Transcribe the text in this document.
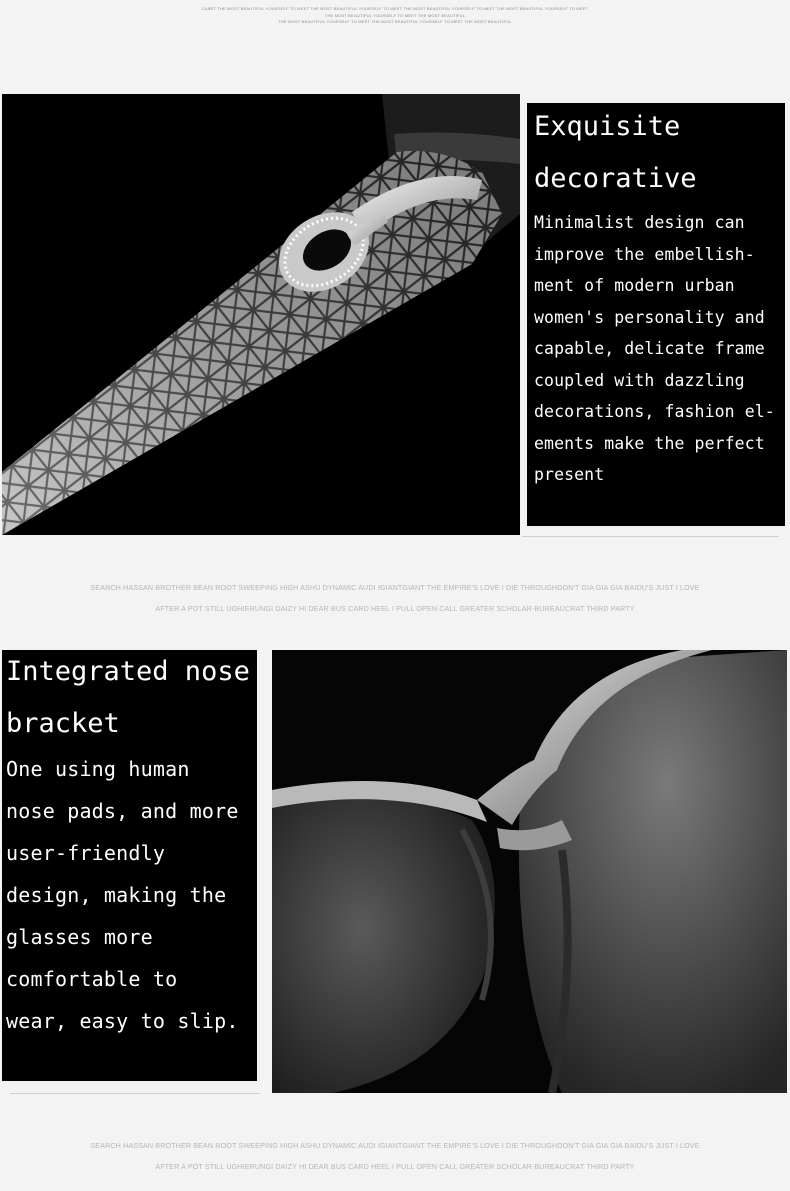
CABET THE MOST BEAUTIFUL YOURSELF TO MEET THE MOST BEAUTIFUL YOURSELF TO MEET THE MOST BEAUTIFUL YOURSELF TO MEET THE MOST BEAUTIFUL YOURSELF TO MEET
THE MOST BEAUTIFUL YOURSELF TO MEET THE MOST BEAUTIFUL
THE MOST BEAUTIFUL YOURSELF TO MEET THE MOST BEAUTIFUL YOURSELF TO MEET THE MOST BEAUTIFUL
Exquisite
decorative
Minimalist design can
improve the embellish-
ment of modern urban
women's personality and
capable, delicate frame
coupled with dazzling
decorations, fashion el-
ements make the perfect
present
SEARCH HASSAN BROTHER BEAN ROOT SWEEPING HIGH ASHU DYNAMIC AUDI IGIANTGIANT THE EMPIRE'S LOVE I DIE THROUGHDON'T GIA GIA GIA BAIDU'S JUST I LOVE
AFTER A POT STILL UGHIERUNGI DAIZY HI DEAR BUS CARD HEEL I PULL OPEN CALL GREATER SCHOLAR-BUREAUCRAT THIRD PARTY
Integrated nose
bracket
One using human
nose pads, and more
user-friendly
design, making the
glasses more
comfortable to
wear, easy to slip.
SEARCH HASSAN BROTHER BEAN ROOT SWEEPING HIGH ASHU DYNAMIC AUDI IGIANTGIANT THE EMPIRE'S LOVE I DIE THROUGHDON'T GIA GIA GIA BAIDU'S JUST I LOVE
AFTER A POT STILL UGHIERUNGI DAIZY HI DEAR BUS CARD HEEL I PULL OPEN CALL GREATER SCHOLAR-BUREAUCRAT THIRD PARTY
